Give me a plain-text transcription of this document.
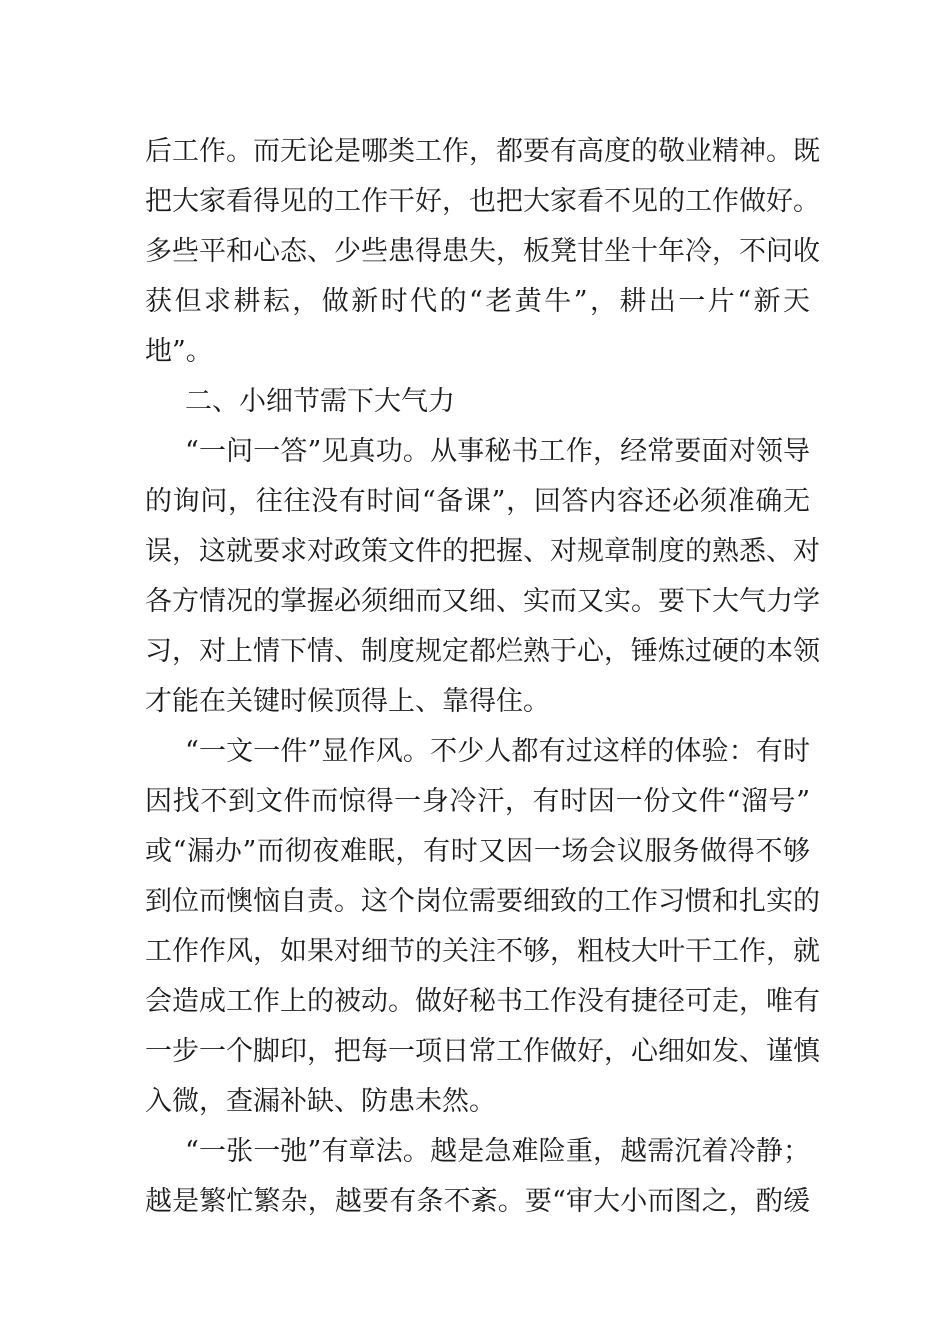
后工作。而无论是哪类工作，都要有高度的敬业精神。既
把大家看得见的工作干好，也把大家看不见的工作做好。
多些平和心态、少些患得患失，板凳甘坐十年冷，不问收
获但求耕耘，做新时代的“老黄牛”，耕出一片“新天
地”。
二、小细节需下大气力
“一问一答”见真功。从事秘书工作，经常要面对领导
的询问，往往没有时间“备课”，回答内容还必须准确无
误，这就要求对政策文件的把握、对规章制度的熟悉、对
各方情况的掌握必须细而又细、实而又实。要下大气力学
习，对上情下情、制度规定都烂熟于心，锤炼过硬的本领
才能在关键时候顶得上、靠得住。
“一文一件”显作风。不少人都有过这样的体验：有时
因找不到文件而惊得一身冷汗，有时因一份文件“溜号”
或“漏办”而彻夜难眠，有时又因一场会议服务做得不够
到位而懊恼自责。这个岗位需要细致的工作习惯和扎实的
工作作风，如果对细节的关注不够，粗枝大叶干工作，就
会造成工作上的被动。做好秘书工作没有捷径可走，唯有
一步一个脚印，把每一项日常工作做好，心细如发、谨慎
入微，查漏补缺、防患未然。
“一张一弛”有章法。越是急难险重，越需沉着冷静；
越是繁忙繁杂，越要有条不紊。要“审大小而图之，酌缓
